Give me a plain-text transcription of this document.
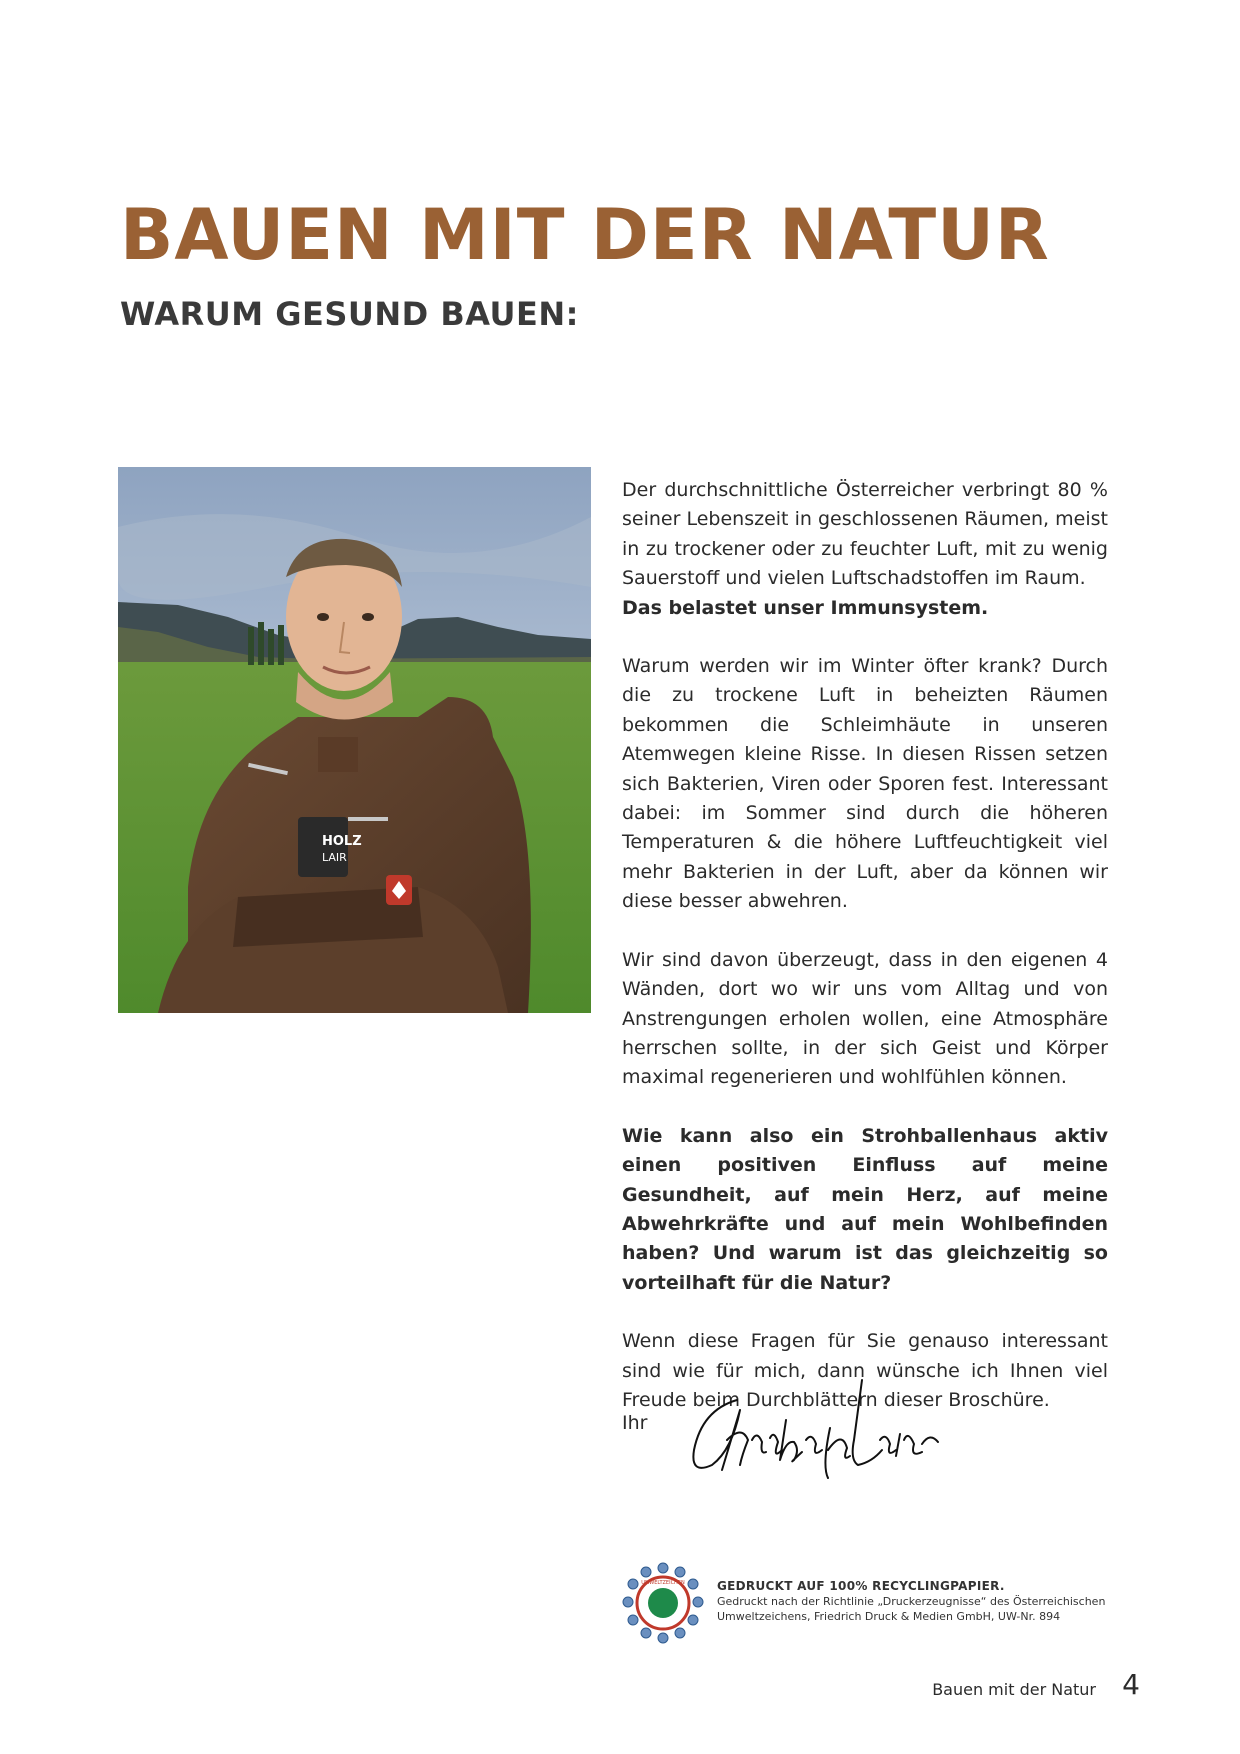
BAUEN MIT DER NATUR
WARUM GESUND BAUEN:
HOLZ
LAIR

Der durchschnittliche Österreicher verbringt 80 % seiner Lebenszeit in geschlossenen Räumen, meist in zu trockener oder zu feuchter Luft, mit zu wenig Sauerstoff und vielen Luftschadstoffen im Raum.
Das belastet unser Immunsystem.

Warum werden wir im Winter öfter krank? Durch die zu trockene Luft in beheizten Räumen bekommen die Schleimhäute in unseren Atemwegen kleine Risse. In diesen Rissen setzen sich Bakterien, Viren oder Sporen fest. Interessant dabei: im Sommer sind durch die höheren Temperaturen & die höhere Luftfeuchtigkeit viel mehr Bakterien in der Luft, aber da können wir diese besser abwehren.

Wir sind davon überzeugt, dass in den eigenen 4 Wänden, dort wo wir uns vom Alltag und von Anstrengungen erholen wollen, eine Atmosphäre herrschen sollte, in der sich Geist und Körper maximal regenerieren und wohlfühlen können.

Wie kann also ein Strohballenhaus aktiv einen positiven Einfluss auf meine Gesundheit, auf mein Herz, auf meine Abwehrkräfte und auf mein Wohlbefinden haben? Und warum ist das gleichzeitig so vorteilhaft für die Natur?

Wenn diese Fragen für Sie genauso interessant sind wie für mich, dann wünsche ich Ihnen viel Freude beim Durchblättern dieser Broschüre.

Ihr
UMWELTZEICHEN	GEDRUCKT AUF 100% RECYCLINGPAPIER.
Gedruckt nach der Richtlinie „Druckerzeugnisse“ des Österreichischen
Umweltzeichens, Friedrich Druck & Medien GmbH, UW-Nr. 894
Bauen mit der Natur 4
